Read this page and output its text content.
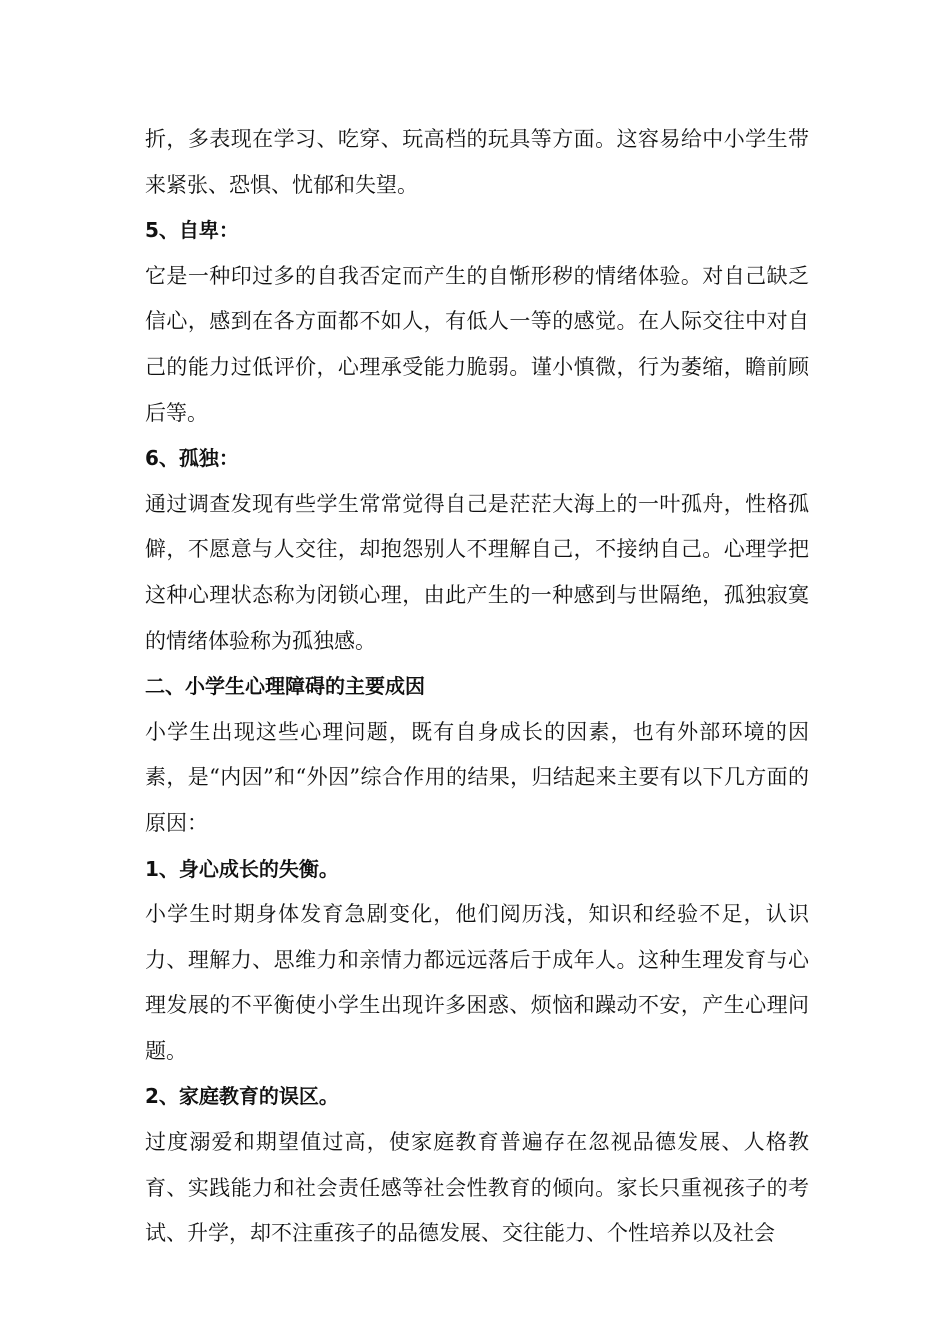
折，多表现在学习、吃穿、玩高档的玩具等方面。这容易给中小学生带来紧张、恐惧、忧郁和失望。

5、自卑：

它是一种印过多的自我否定而产生的自惭形秽的情绪体验。对自己缺乏信心，感到在各方面都不如人，有低人一等的感觉。在人际交往中对自己的能力过低评价，心理承受能力脆弱。谨小慎微，行为萎缩，瞻前顾后等。

6、孤独：

通过调查发现有些学生常常觉得自己是茫茫大海上的一叶孤舟，性格孤僻，不愿意与人交往，却抱怨别人不理解自己，不接纳自己。心理学把这种心理状态称为闭锁心理，由此产生的一种感到与世隔绝，孤独寂寞的情绪体验称为孤独感。

二、小学生心理障碍的主要成因

小学生出现这些心理问题，既有自身成长的因素，也有外部环境的因素，是“内因”和“外因”综合作用的结果，归结起来主要有以下几方面的原因：

1、身心成长的失衡。

小学生时期身体发育急剧变化，他们阅历浅，知识和经验不足，认识力、理解力、思维力和亲情力都远远落后于成年人。这种生理发育与心理发展的不平衡使小学生出现许多困惑、烦恼和躁动不安，产生心理问题。

2、家庭教育的误区。

过度溺爱和期望值过高，使家庭教育普遍存在忽视品德发展、人格教育、实践能力和社会责任感等社会性教育的倾向。家长只重视孩子的考试、升学，却不注重孩子的品德发展、交往能力、个性培养以及社会
